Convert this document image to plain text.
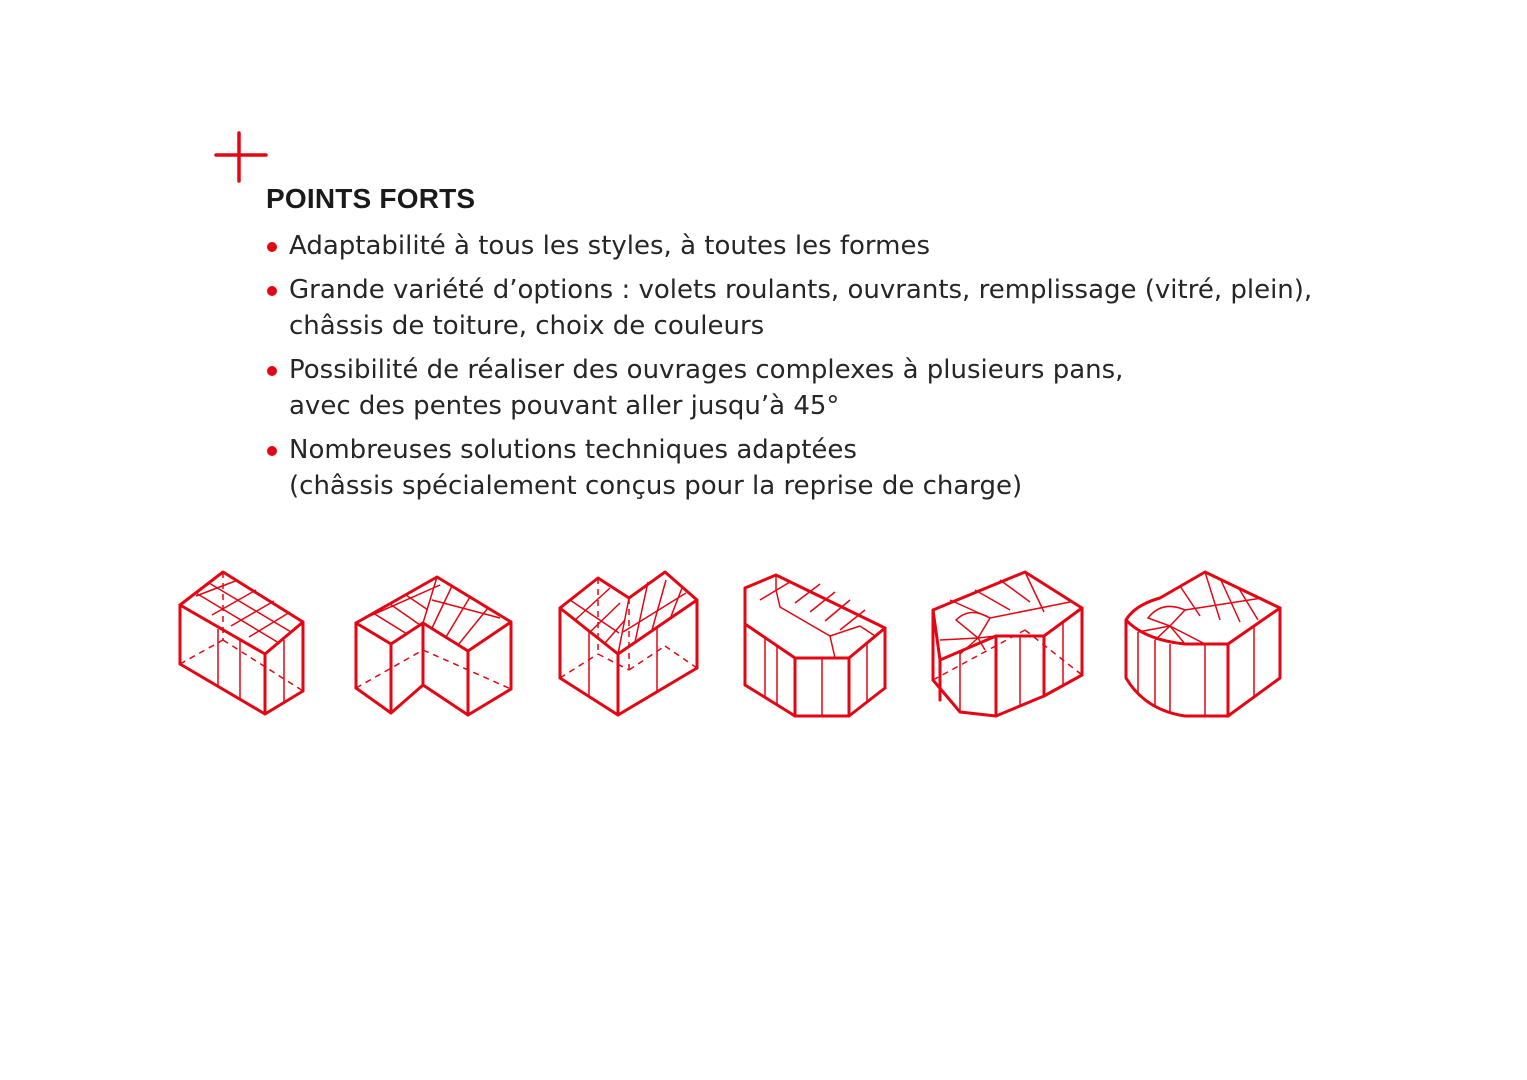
POINTS FORTS
Adaptabilité à tous les styles, à toutes les formes
Grande variété d’options : volets roulants, ouvrants, remplissage (vitré, plein),
châssis de toiture, choix de couleurs
Possibilité de réaliser des ouvrages complexes à plusieurs pans,
avec des pentes pouvant aller jusqu’à 45°
Nombreuses solutions techniques adaptées
(châssis spécialement conçus pour la reprise de charge)
